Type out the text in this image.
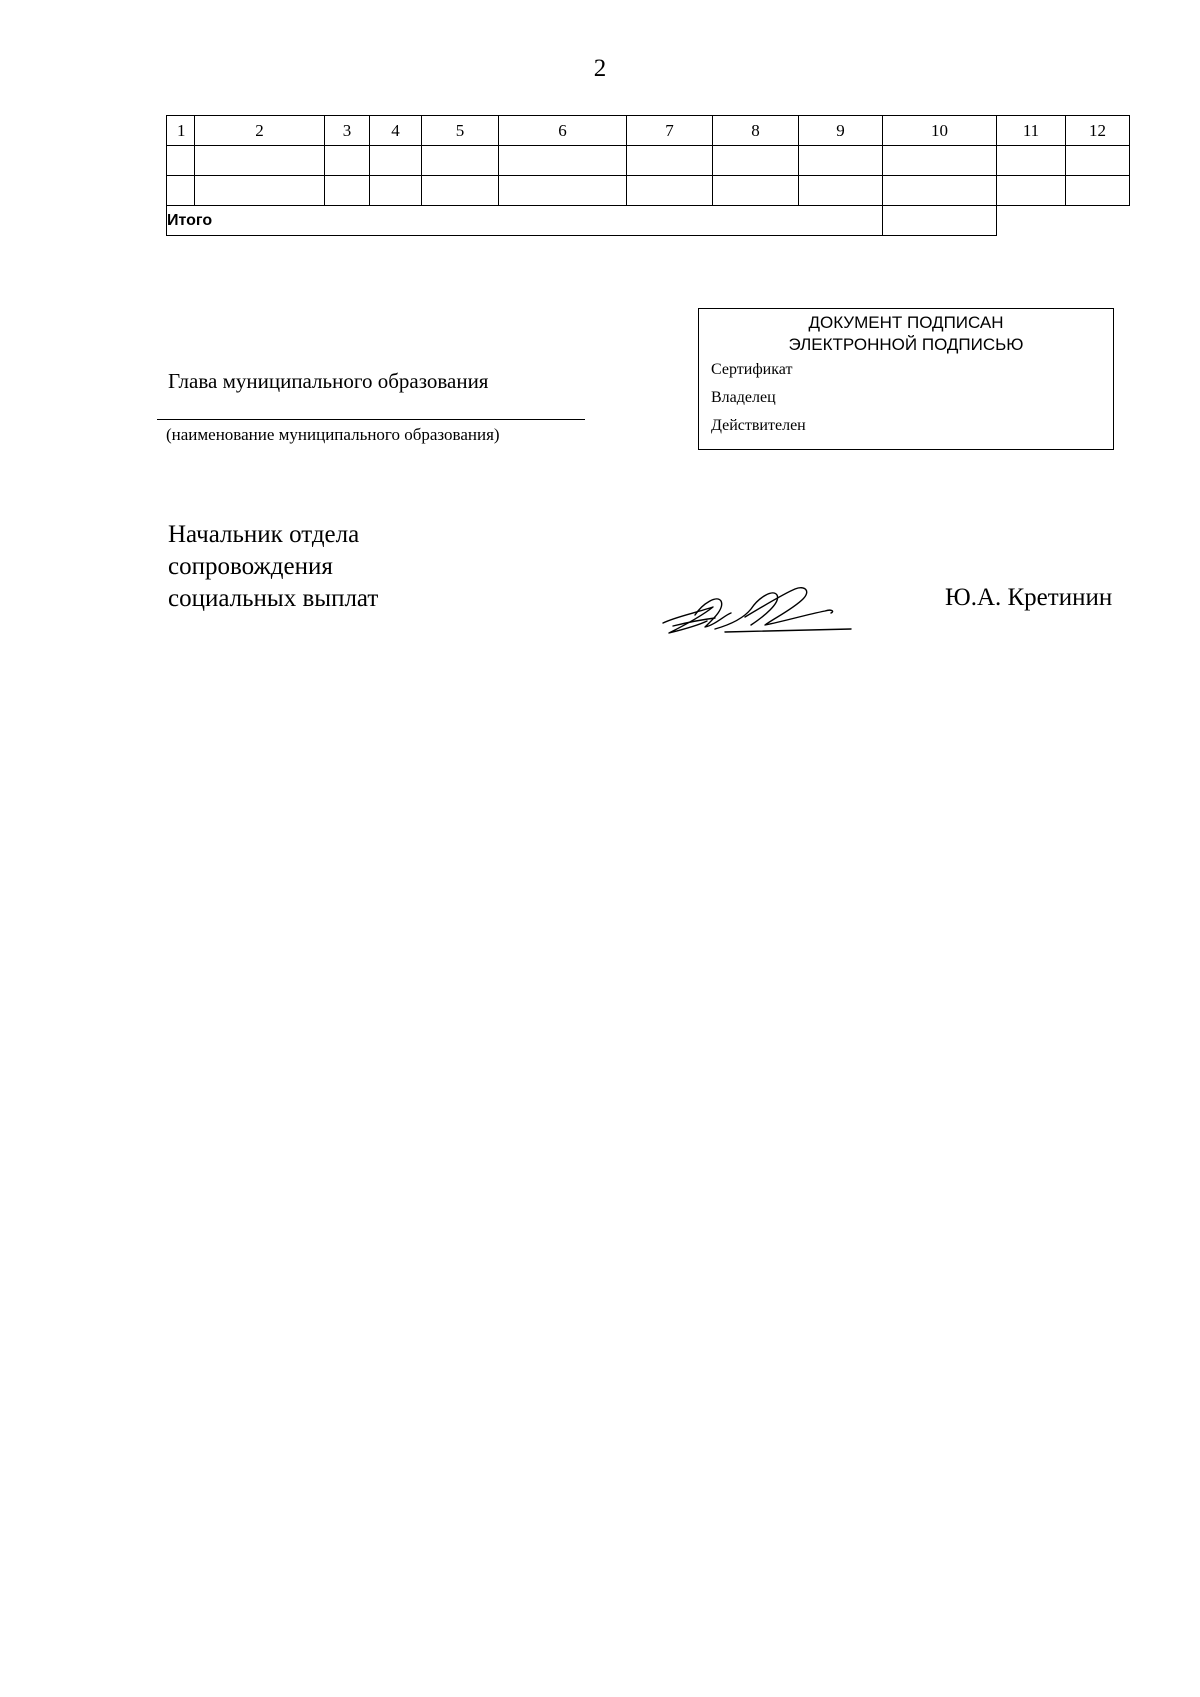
2
1	2	3	4	5	6	7	8	9	10	11	12

Итого											
Глава муниципального образования
(наименование муниципального образования)
ДОКУМЕНТ ПОДПИСАН
ЭЛЕКТРОННОЙ ПОДПИСЬЮ
Сертификат
Владелец
Действителен
Начальник отдела
сопровождения
социальных выплат	Ю.А. Кретинин
